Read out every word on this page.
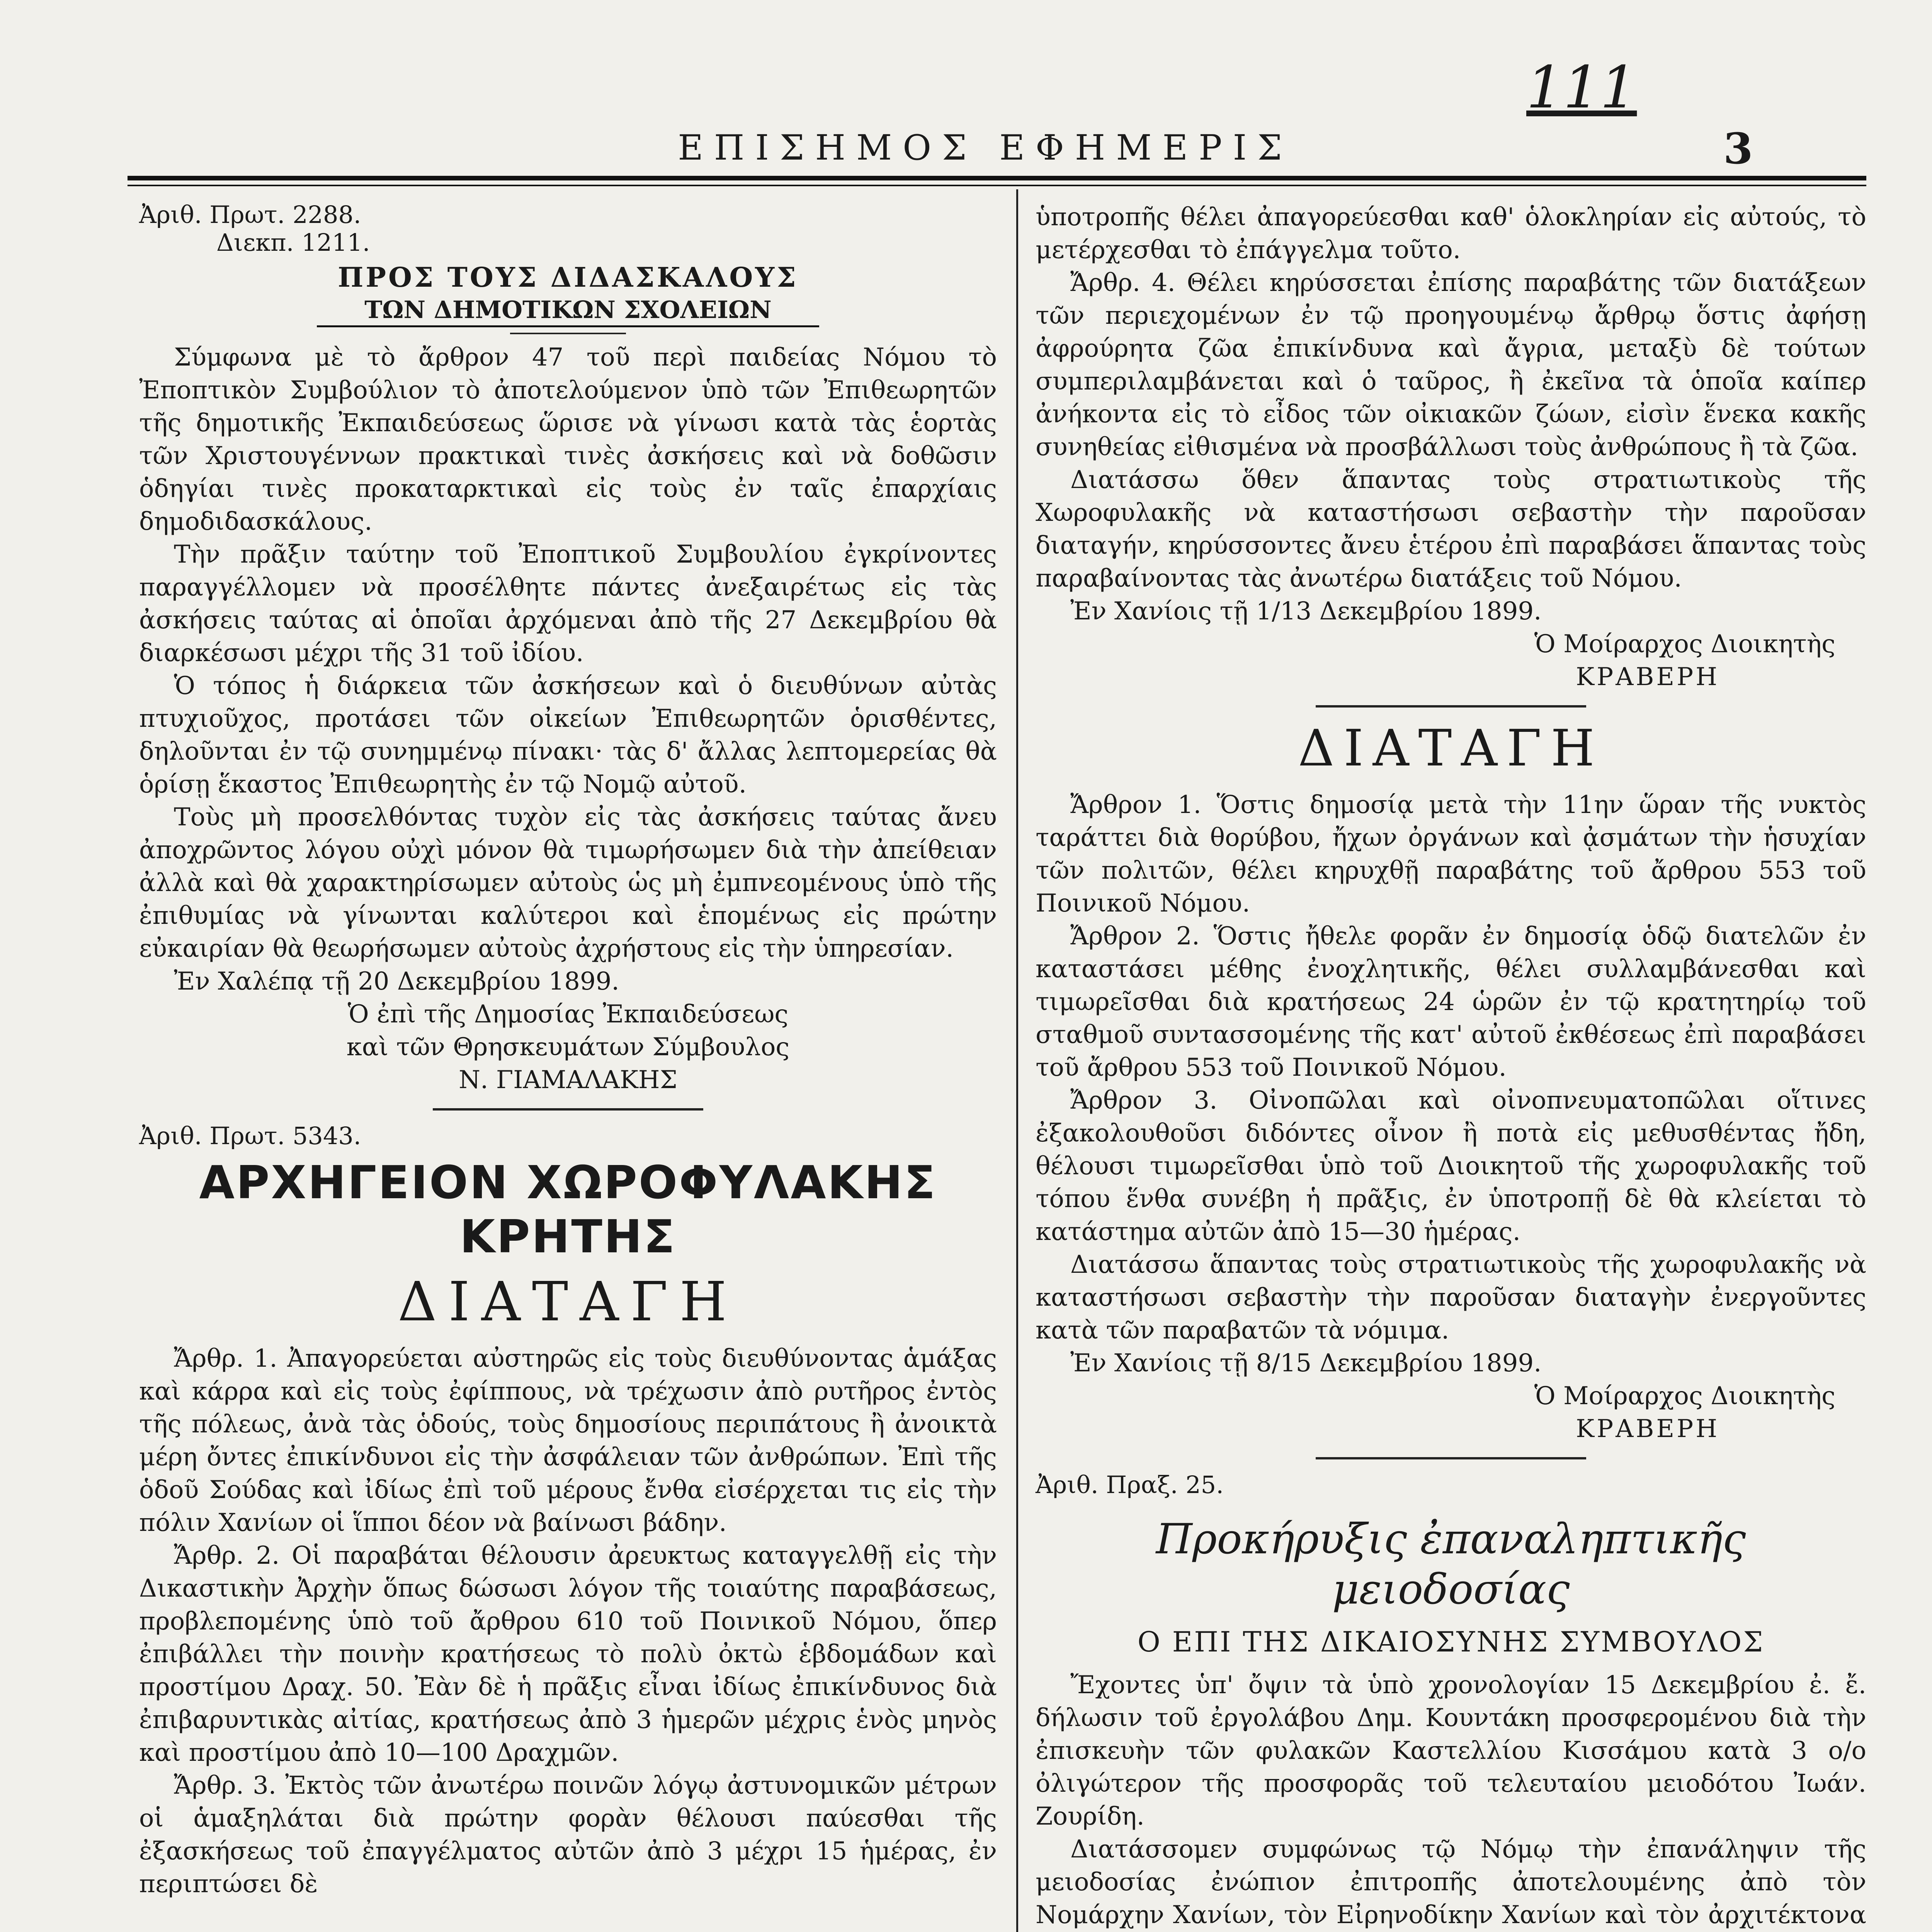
111
ΕΠΙΣΗΜΟΣ ΕΦΗΜΕΡΙΣ	3
Ἀριθ. Πρωτ. 2288.
Διεκπ. 1211.
ΠΡΟΣ ΤΟΥΣ ΔΙΔΑΣΚΑΛΟΥΣ
ΤΩΝ ΔΗΜΟΤΙΚΩΝ ΣΧΟΛΕΙΩΝ

Σύμφωνα μὲ τὸ ἄρθρον 47 τοῦ περὶ παιδείας Νόμου τὸ Ἐποπτικὸν Συμβούλιον τὸ ἀποτελούμενον ὑπὸ τῶν Ἐπιθεωρητῶν τῆς δημοτικῆς Ἐκπαιδεύσεως ὥρισε νὰ γίνωσι κατὰ τὰς ἑορτὰς τῶν Χριστουγέννων πρακτικαὶ τινὲς ἀσκήσεις καὶ νὰ δοθῶσιν ὁδηγίαι τινὲς προκαταρκτικαὶ εἰς τοὺς ἐν ταῖς ἐπαρχίαις δημοδιδασκάλους.

Τὴν πρᾶξιν ταύτην τοῦ Ἐποπτικοῦ Συμβουλίου ἐγκρίνοντες παραγγέλλομεν νὰ προσέλθητε πάντες ἀνεξαιρέτως εἰς τὰς ἀσκήσεις ταύτας αἱ ὁποῖαι ἀρχόμεναι ἀπὸ τῆς 27 Δεκεμβρίου θὰ διαρκέσωσι μέχρι τῆς 31 τοῦ ἰδίου.

Ὁ τόπος ἡ διάρκεια τῶν ἀσκήσεων καὶ ὁ διευθύνων αὐτὰς πτυχιοῦχος, προτάσει τῶν οἰκείων Ἐπιθεωρητῶν ὁρισθέντες, δηλοῦνται ἐν τῷ συνημμένῳ πίνακι· τὰς δ' ἄλλας λεπτομερείας θὰ ὁρίσῃ ἕκαστος Ἐπιθεωρητὴς ἐν τῷ Νομῷ αὐτοῦ.

Τοὺς μὴ προσελθόντας τυχὸν εἰς τὰς ἀσκήσεις ταύτας ἄνευ ἀποχρῶντος λόγου οὐχὶ μόνον θὰ τιμωρήσωμεν διὰ τὴν ἀπείθειαν ἀλλὰ καὶ θὰ χαρακτηρίσωμεν αὐτοὺς ὡς μὴ ἐμπνεομένους ὑπὸ τῆς ἐπιθυμίας νὰ γίνωνται καλύτεροι καὶ ἑπομένως εἰς πρώτην εὐκαιρίαν θὰ θεωρήσωμεν αὐτοὺς ἀχρήστους εἰς τὴν ὑπηρεσίαν.

Ἐν Χαλέπᾳ τῇ 20 Δεκεμβρίου 1899.

Ὁ ἐπὶ τῆς Δημοσίας Ἐκπαιδεύσεως

καὶ τῶν Θρησκευμάτων Σύμβουλος

Ν. ΓΙΑΜΑΛΑΚΗΣ

Ἀριθ. Πρωτ. 5343.
ΑΡΧΗΓΕΙΟΝ ΧΩΡΟΦΥΛΑΚΗΣ ΚΡΗΤΗΣ
ΔΙΑΤΑΓΗ

Ἄρθρ. 1. Ἀπαγορεύεται αὐστηρῶς εἰς τοὺς διευθύνοντας ἁμάξας καὶ κάρρα καὶ εἰς τοὺς ἐφίππους, νὰ τρέχωσιν ἀπὸ ρυτῆρος ἐντὸς τῆς πόλεως, ἀνὰ τὰς ὁδούς, τοὺς δημοσίους περιπάτους ἢ ἀνοικτὰ μέρη ὄντες ἐπικίνδυνοι εἰς τὴν ἀσφάλειαν τῶν ἀνθρώπων. Ἐπὶ τῆς ὁδοῦ Σούδας καὶ ἰδίως ἐπὶ τοῦ μέρους ἔνθα εἰσέρχεται τις εἰς τὴν πόλιν Χανίων οἱ ἵπποι δέον νὰ βαίνωσι βάδην.

Ἄρθρ. 2. Οἱ παραβάται θέλουσιν ἀρευκτως καταγγελθῇ εἰς τὴν Δικαστικὴν Ἀρχὴν ὅπως δώσωσι λόγον τῆς τοιαύτης παραβάσεως, προβλεπομένης ὑπὸ τοῦ ἄρθρου 610 τοῦ Ποινικοῦ Νόμου, ὅπερ ἐπιβάλλει τὴν ποινὴν κρατήσεως τὸ πολὺ ὀκτὼ ἑβδομάδων καὶ προστίμου Δραχ. 50. Ἐὰν δὲ ἡ πρᾶξις εἶναι ἰδίως ἐπικίνδυνος διὰ ἐπιβαρυντικὰς αἰτίας, κρατήσεως ἀπὸ 3 ἡμερῶν μέχρις ἑνὸς μηνὸς καὶ προστίμου ἀπὸ 10—100 Δραχμῶν.

Ἄρθρ. 3. Ἐκτὸς τῶν ἀνωτέρω ποινῶν λόγῳ ἀστυνομικῶν μέτρων οἱ ἁμαξηλάται διὰ πρώτην φορὰν θέλουσι παύεσθαι τῆς ἐξασκήσεως τοῦ ἐπαγγέλματος αὐτῶν ἀπὸ 3 μέχρι 15 ἡμέρας, ἐν περιπτώσει δὲ

ὑποτροπῆς θέλει ἀπαγορεύεσθαι καθ' ὁλοκληρίαν εἰς αὐτούς, τὸ μετέρχεσθαι τὸ ἐπάγγελμα τοῦτο.

Ἄρθρ. 4. Θέλει κηρύσσεται ἐπίσης παραβάτης τῶν διατάξεων τῶν περιεχομένων ἐν τῷ προηγουμένῳ ἄρθρῳ ὅστις ἀφήσῃ ἀφρούρητα ζῶα ἐπικίνδυνα καὶ ἄγρια, μεταξὺ δὲ τούτων συμπεριλαμβάνεται καὶ ὁ ταῦρος, ἢ ἐκεῖνα τὰ ὁποῖα καίπερ ἀνήκοντα εἰς τὸ εἶδος τῶν οἰκιακῶν ζώων, εἰσὶν ἕνεκα κακῆς συνηθείας εἰθισμένα νὰ προσβάλλωσι τοὺς ἀνθρώπους ἢ τὰ ζῶα.

Διατάσσω ὅθεν ἅπαντας τοὺς στρατιωτικοὺς τῆς Χωροφυλακῆς νὰ καταστήσωσι σεβαστὴν τὴν παροῦσαν διαταγήν, κηρύσσοντες ἄνευ ἑτέρου ἐπὶ παραβάσει ἅπαντας τοὺς παραβαίνοντας τὰς ἀνωτέρω διατάξεις τοῦ Νόμου.

Ἐν Χανίοις τῇ 1/13 Δεκεμβρίου 1899.

Ὁ Μοίραρχος Διοικητὴς

ΚΡΑΒΕΡΗ

ΔΙΑΤΑΓΗ

Ἄρθρον 1. Ὅστις δημοσίᾳ μετὰ τὴν 11ην ὥραν τῆς νυκτὸς ταράττει διὰ θορύβου, ἤχων ὀργάνων καὶ ᾀσμάτων τὴν ἡσυχίαν τῶν πολιτῶν, θέλει κηρυχθῇ παραβάτης τοῦ ἄρθρου 553 τοῦ Ποινικοῦ Νόμου.

Ἄρθρον 2. Ὅστις ἤθελε φορᾶν ἐν δημοσίᾳ ὁδῷ διατελῶν ἐν καταστάσει μέθης ἐνοχλητικῆς, θέλει συλλαμβάνεσθαι καὶ τιμωρεῖσθαι διὰ κρατήσεως 24 ὡρῶν ἐν τῷ κρατητηρίῳ τοῦ σταθμοῦ συντασσομένης τῆς κατ' αὐτοῦ ἐκθέσεως ἐπὶ παραβάσει τοῦ ἄρθρου 553 τοῦ Ποινικοῦ Νόμου.

Ἄρθρον 3. Οἰνοπῶλαι καὶ οἰνοπνευματοπῶλαι οἵτινες ἐξακολουθοῦσι διδόντες οἶνον ἢ ποτὰ εἰς μεθυσθέντας ἤδη, θέλουσι τιμωρεῖσθαι ὑπὸ τοῦ Διοικητοῦ τῆς χωροφυλακῆς τοῦ τόπου ἕνθα συνέβη ἡ πρᾶξις, ἐν ὑποτροπῇ δὲ θὰ κλείεται τὸ κατάστημα αὐτῶν ἀπὸ 15—30 ἡμέρας.

Διατάσσω ἅπαντας τοὺς στρατιωτικοὺς τῆς χωροφυλακῆς νὰ καταστήσωσι σεβαστὴν τὴν παροῦσαν διαταγὴν ἐνεργοῦντες κατὰ τῶν παραβατῶν τὰ νόμιμα.

Ἐν Χανίοις τῇ 8/15 Δεκεμβρίου 1899.

Ὁ Μοίραρχος Διοικητὴς

ΚΡΑΒΕΡΗ

Ἀριθ. Πραξ. 25.
Προκήρυξις ἐπαναληπτικῆς μειοδοσίας
Ο ΕΠΙ ΤΗΣ ΔΙΚΑΙΟΣΥΝΗΣ ΣΥΜΒΟΥΛΟΣ

Ἔχοντες ὑπ' ὄψιν τὰ ὑπὸ χρονολογίαν 15 Δεκεμβρίου ἐ. ἔ. δήλωσιν τοῦ ἐργολάβου Δημ. Κουντάκη προσφερομένου διὰ τὴν ἐπισκευὴν τῶν φυλακῶν Καστελλίου Κισσάμου κατὰ 3 ο/ο ὀλιγώτερον τῆς προσφορᾶς τοῦ τελευταίου μειοδότου Ἰωάν. Ζουρίδη.

Διατάσσομεν συμφώνως τῷ Νόμῳ τὴν ἐπανάληψιν τῆς μειοδοσίας ἐνώπιον ἐπιτροπῆς ἀποτελουμένης ἀπὸ τὸν Νομάρχην Χανίων, τὸν Εἰρηνοδίκην Χανίων καὶ τὸν ἀρχιτέκτονα
